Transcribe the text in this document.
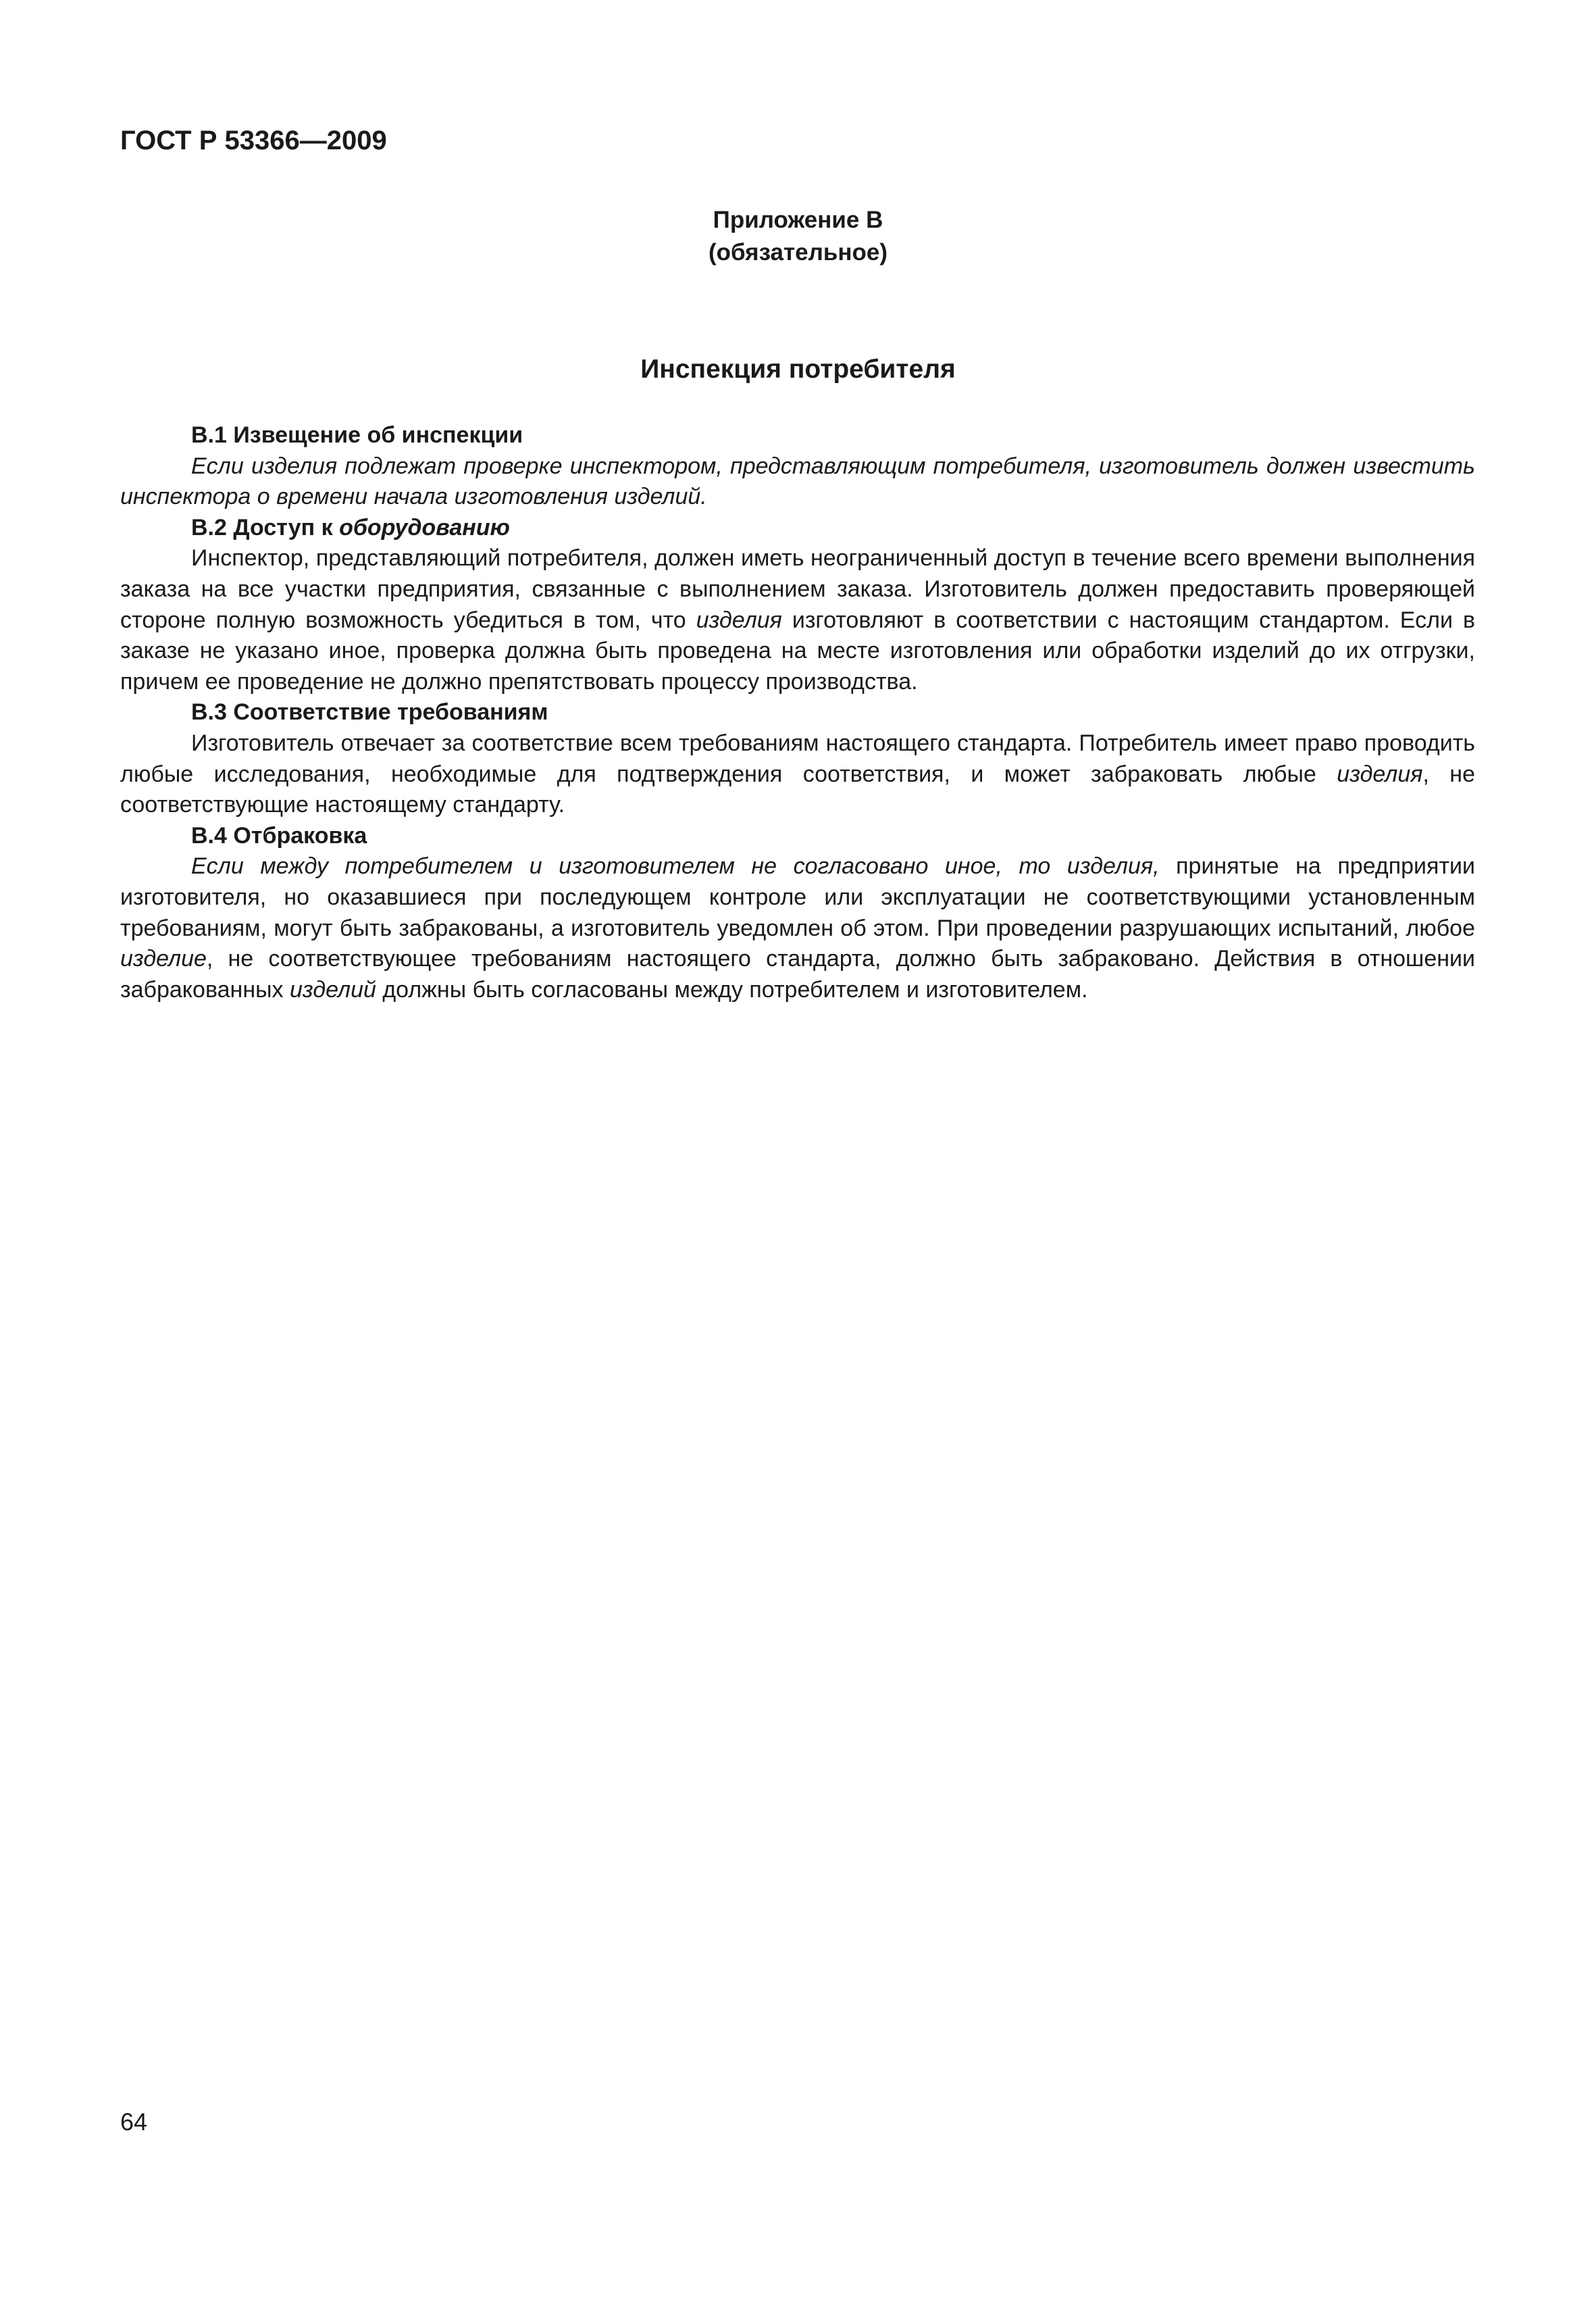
ГОСТ Р 53366—2009
Приложение В
(обязательное)
Инспекция потребителя

В.1 Извещение об инспекции

Если изделия подлежат проверке инспектором, представляющим потребителя, изготовитель должен известить инспектора о времени начала изготовления изделий.

В.2 Доступ к оборудованию

Инспектор, представляющий потребителя, должен иметь неограниченный доступ в течение всего времени выполнения заказа на все участки предприятия, связанные с выполнением заказа. Изготовитель должен предоставить проверяющей стороне полную возможность убедиться в том, что изделия изготовляют в соответствии с настоящим стандартом. Если в заказе не указано иное, проверка должна быть проведена на месте изготовления или обработки изделий до их отгрузки, причем ее проведение не должно препятствовать процессу производства.

В.3 Соответствие требованиям

Изготовитель отвечает за соответствие всем требованиям настоящего стандарта. Потребитель имеет право проводить любые исследования, необходимые для подтверждения соответствия, и может забраковать любые изделия, не соответствующие настоящему стандарту.

В.4 Отбраковка

Если между потребителем и изготовителем не согласовано иное, то изделия, принятые на предприятии изготовителя, но оказавшиеся при последующем контроле или эксплуатации не соответствующими установленным требованиям, могут быть забракованы, а изготовитель уведомлен об этом. При проведении разрушающих испытаний, любое изделие, не соответствующее требованиям настоящего стандарта, должно быть забраковано. Действия в отношении забракованных изделий должны быть согласованы между потребителем и изготовителем.

64
